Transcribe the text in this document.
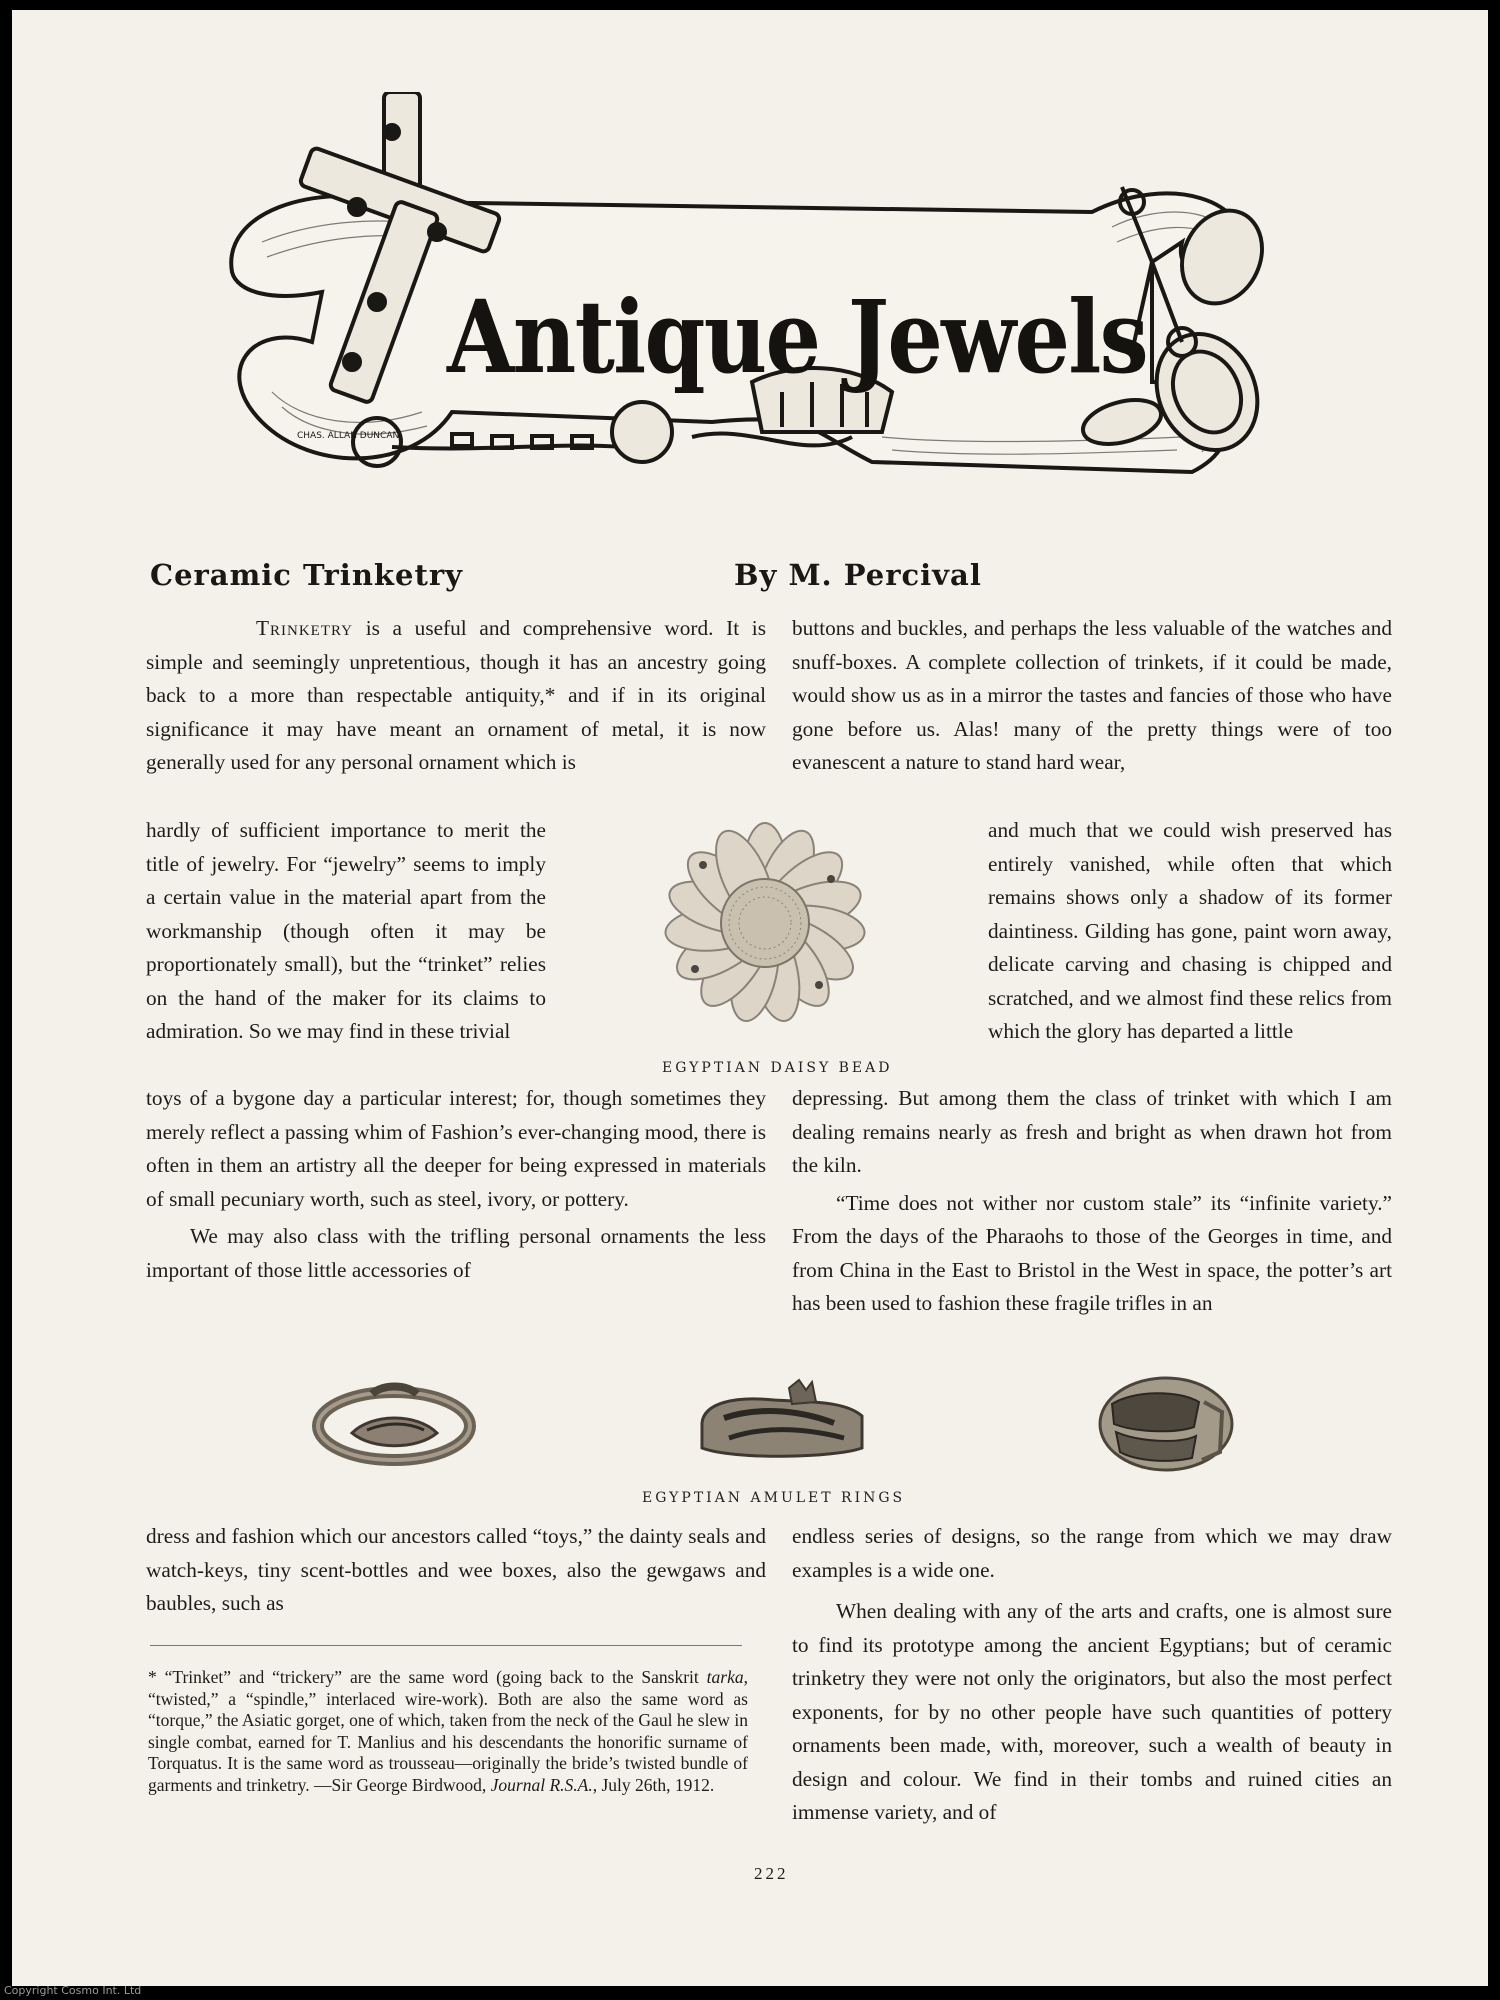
Antique Jewels
CHAS. ALLAN DUNCAN
Ceramic Trinketry	By M. Percival

Trinketry is a useful and comprehensive word. It is simple and seemingly unpretentious, though it has an ancestry going back to a more than respectable antiquity,* and if in its original significance it may have meant an ornament of metal, it is now generally used for any personal ornament which is

hardly of sufficient importance to merit the title of jewelry. For “jewelry” seems to imply a certain value in the material apart from the workmanship (though often it may be proportionately small), but the “trinket” relies on the hand of the maker for its claims to admiration. So we may find in these trivial

toys of a bygone day a particular interest; for, though sometimes they merely reflect a passing whim of Fashion’s ever-changing mood, there is often in them an artistry all the deeper for being expressed in materials of small pecuniary worth, such as steel, ivory, or pottery.

We may also class with the trifling personal ornaments the less important of those little accessories of

dress and fashion which our ancestors called “toys,” the dainty seals and watch-keys, tiny scent-bottles and wee boxes, also the gewgaws and baubles, such as

buttons and buckles, and perhaps the less valuable of the watches and snuff-boxes. A complete collection of trinkets, if it could be made, would show us as in a mirror the tastes and fancies of those who have gone before us. Alas! many of the pretty things were of too evanescent a nature to stand hard wear,

and much that we could wish preserved has entirely vanished, while often that which remains shows only a shadow of its former daintiness. Gilding has gone, paint worn away, delicate carving and chasing is chipped and scratched, and we almost find these relics from which the glory has departed a little

depressing. But among them the class of trinket with which I am dealing remains nearly as fresh and bright as when drawn hot from the kiln.

“Time does not wither nor custom stale” its “infinite variety.” From the days of the Pharaohs to those of the Georges in time, and from China in the East to Bristol in the West in space, the potter’s art has been used to fashion these fragile trifles in an

endless series of designs, so the range from which we may draw examples is a wide one.

When dealing with any of the arts and crafts, one is almost sure to find its prototype among the ancient Egyptians; but of ceramic trinketry they were not only the originators, but also the most perfect exponents, for by no other people have such quantities of pottery ornaments been made, with, moreover, such a wealth of beauty in design and colour. We find in their tombs and ruined cities an immense variety, and of

EGYPTIAN DAISY BEAD
EGYPTIAN AMULET RINGS

* “Trinket” and “trickery” are the same word (going back to the Sanskrit tarka, “twisted,” a “spindle,” interlaced wire-work). Both are also the same word as “torque,” the Asiatic gorget, one of which, taken from the neck of the Gaul he slew in single combat, earned for T. Manlius and his descendants the honorific surname of Torquatus. It is the same word as trousseau—originally the bride’s twisted bundle of garments and trinketry. —Sir George Birdwood, Journal R.S.A., July 26th, 1912.

222
Copyright Cosmo Int. Ltd
